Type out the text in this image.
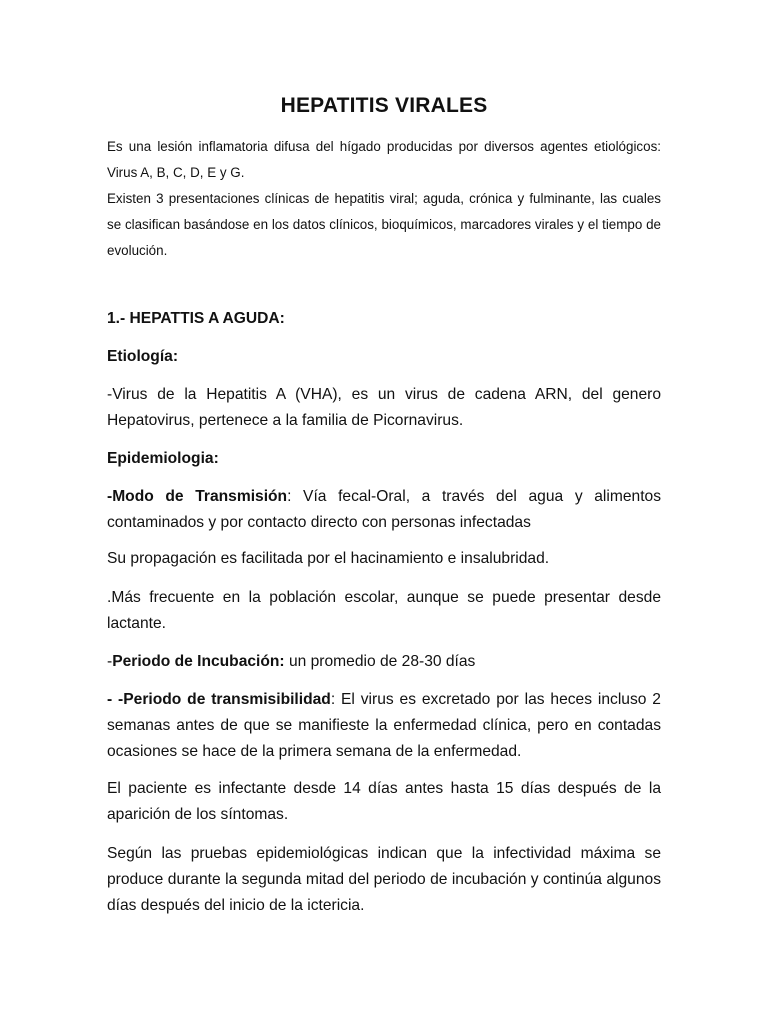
HEPATITIS VIRALES

Es una lesión inflamatoria difusa del hígado producidas por diversos agentes etiológicos: Virus A, B, C, D, E y G.

Existen 3 presentaciones clínicas de hepatitis viral; aguda, crónica y fulminante, las cuales se clasifican basándose en los datos clínicos, bioquímicos, marcadores virales y el tiempo de evolución.

1.- HEPATTIS A AGUDA:

Etiología:

-Virus de la Hepatitis A (VHA), es un virus de cadena ARN, del genero Hepatovirus, pertenece a la familia de Picornavirus.

Epidemiologia:

-Modo de Transmisión: Vía fecal-Oral, a través del agua y alimentos contaminados y por contacto directo con personas infectadas

Su propagación es facilitada por el hacinamiento e insalubridad.

.Más frecuente en la población escolar, aunque se puede presentar desde lactante.

-Periodo de Incubación: un promedio de 28-30 días

- -Periodo de transmisibilidad: El virus es excretado por las heces incluso 2 semanas antes de que se manifieste la enfermedad clínica, pero en contadas ocasiones se hace de la primera semana de la enfermedad.

El paciente es infectante desde 14 días antes hasta 15 días después de la aparición de los síntomas.

Según las pruebas epidemiológicas indican que la infectividad máxima se produce durante la segunda mitad del periodo de incubación y continúa algunos días después del inicio de la ictericia.
